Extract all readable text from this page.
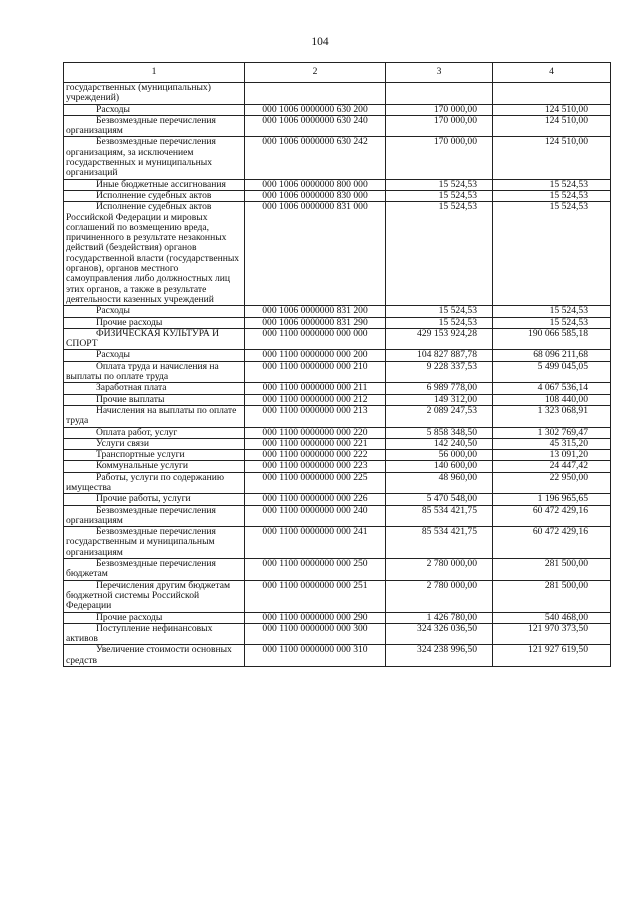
104
1	2	3	4

государственных (муниципальных) учреждений)			

Расходы	000 1006 0000000 630 200	170 000,00	124 510,00

Безвозмездные перечисления организациям	000 1006 0000000 630 240	170 000,00	124 510,00

Безвозмездные перечисления организациям, за исключением государственных и муниципальных организаций	000 1006 0000000 630 242	170 000,00	124 510,00

Иные бюджетные ассигнования	000 1006 0000000 800 000	15 524,53	15 524,53

Исполнение судебных актов	000 1006 0000000 830 000	15 524,53	15 524,53

Исполнение судебных актов Российской Федерации и мировых соглашений по возмещению вреда, причиненного в результате незаконных действий (бездействия) органов государственной власти (государственных органов), органов местного самоуправления либо должностных лиц этих органов, а также в результате деятельности казенных учреждений	000 1006 0000000 831 000	15 524,53	15 524,53

Расходы	000 1006 0000000 831 200	15 524,53	15 524,53

Прочие расходы	000 1006 0000000 831 290	15 524,53	15 524,53

ФИЗИЧЕСКАЯ КУЛЬТУРА И СПОРТ	000 1100 0000000 000 000	429 153 924,28	190 066 585,18

Расходы	000 1100 0000000 000 200	104 827 887,78	68 096 211,68

Оплата труда и начисления на выплаты по оплате труда	000 1100 0000000 000 210	9 228 337,53	5 499 045,05

Заработная плата	000 1100 0000000 000 211	6 989 778,00	4 067 536,14

Прочие выплаты	000 1100 0000000 000 212	149 312,00	108 440,00

Начисления на выплаты по оплате труда	000 1100 0000000 000 213	2 089 247,53	1 323 068,91

Оплата работ, услуг	000 1100 0000000 000 220	5 858 348,50	1 302 769,47

Услуги связи	000 1100 0000000 000 221	142 240,50	45 315,20

Транспортные услуги	000 1100 0000000 000 222	56 000,00	13 091,20

Коммунальные услуги	000 1100 0000000 000 223	140 600,00	24 447,42

Работы, услуги по содержанию имущества	000 1100 0000000 000 225	48 960,00	22 950,00

Прочие работы, услуги	000 1100 0000000 000 226	5 470 548,00	1 196 965,65

Безвозмездные перечисления организациям	000 1100 0000000 000 240	85 534 421,75	60 472 429,16

Безвозмездные перечисления государственным и муниципальным организациям	000 1100 0000000 000 241	85 534 421,75	60 472 429,16

Безвозмездные перечисления бюджетам	000 1100 0000000 000 250	2 780 000,00	281 500,00

Перечисления другим бюджетам бюджетной системы Российской Федерации	000 1100 0000000 000 251	2 780 000,00	281 500,00

Прочие расходы	000 1100 0000000 000 290	1 426 780,00	540 468,00

Поступление нефинансовых активов	000 1100 0000000 000 300	324 326 036,50	121 970 373,50

Увеличение стоимости основных средств	000 1100 0000000 000 310	324 238 996,50	121 927 619,50
